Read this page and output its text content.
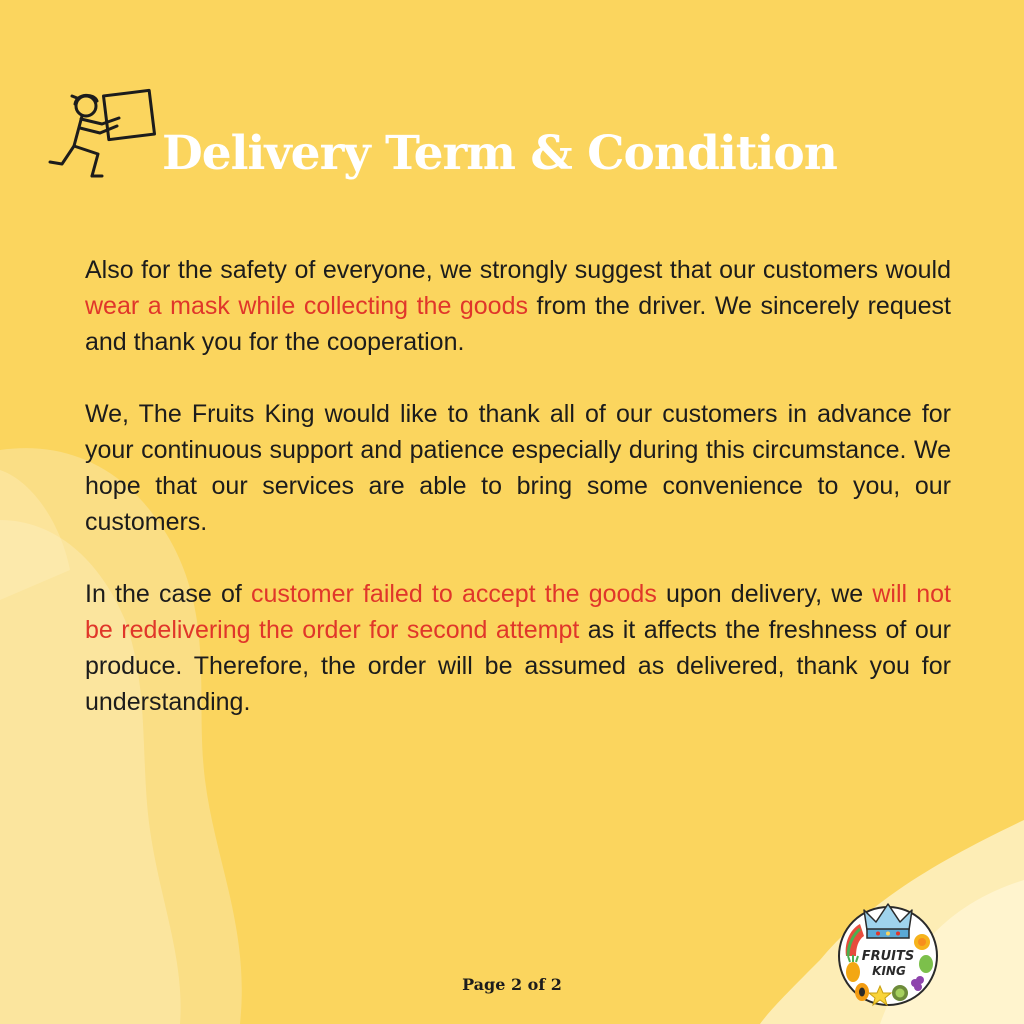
Delivery Term & Condition

Also for the safety of everyone, we strongly suggest that our customers would wear a mask while collecting the goods from the driver. We sincerely request and thank you for the cooperation.

We, The Fruits King would like to thank all of our customers in advance for your continuous support and patience especially during this circumstance. We hope that our services are able to bring some convenience to you, our customers.

In the case of customer failed to accept the goods upon delivery, we will not be redelivering the order for second attempt as it affects the freshness of our produce. Therefore, the order will be assumed as delivered, thank you for understanding.

Page 2 of 2
FRUITS
KING
